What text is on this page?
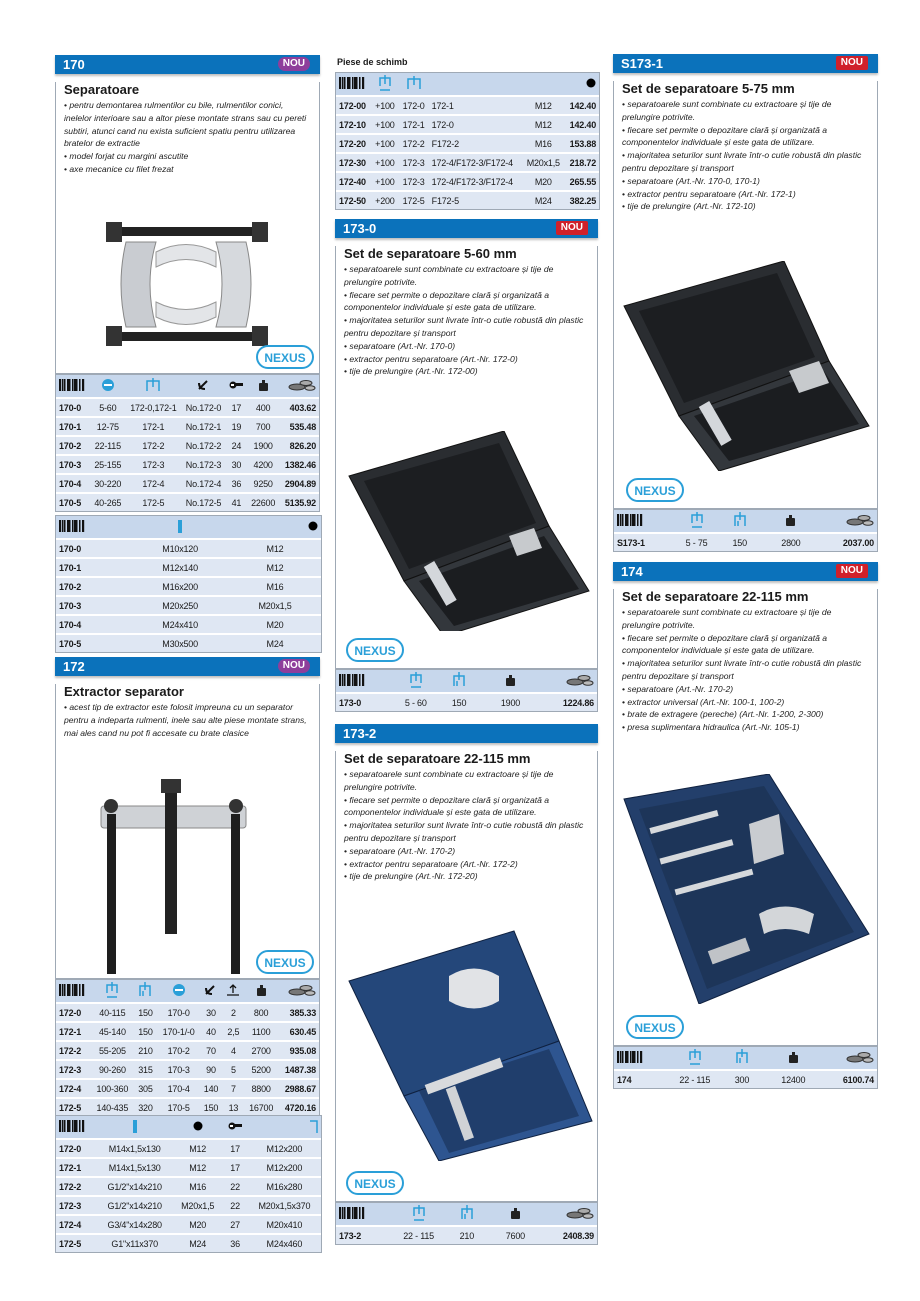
170	NOU
Separatoare
• pentru demontarea rulmentilor cu bile, rulmentilor conici, inelelor interioare sau a altor piese montate strans sau cu pereti subtiri, atunci cand nu exista suficient spatiu pentru utilizarea bratelor de extractie
• model forjat cu margini ascutite
• axe mecanice cu filet frezat
NEXUS

170-0	5-60	172-0,172-1	No.172-0	17	400	403.62
170-1	12-75	172-1	No.172-1	19	700	535.48
170-2	22-115	172-2	No.172-2	24	1900	826.20
170-3	25-155	172-3	No.172-3	30	4200	1382.46
170-4	30-220	172-4	No.172-4	36	9250	2904.89
170-5	40-265	172-5	No.172-5	41	22600	5135.92

170-0	M10x120	M12
170-1	M12x140	M12
170-2	M16x200	M16
170-3	M20x250	M20x1,5
170-4	M24x410	M20
170-5	M30x500	M24
172	NOU
Extractor separator
• acest tip de extractor este folosit impreuna cu un separator pentru a indeparta rulmenti, inele sau alte piese montate strans, mai ales cand nu pot fi accesate cu brate clasice
NEXUS

172-0	40-115	150	170-0	30	2	800	385.33
172-1	45-140	150	170-1/-0	40	2,5	1100	630.45
172-2	55-205	210	170-2	70	4	2700	935.08
172-3	90-260	315	170-3	90	5	5200	1487.38
172-4	100-360	305	170-4	140	7	8800	2988.67
172-5	140-435	320	170-5	150	13	16700	4720.16

172-0	M14x1,5x130	M12	17	M12x200
172-1	M14x1,5x130	M12	17	M12x200
172-2	G1/2"x14x210	M16	22	M16x280
172-3	G1/2"x14x210	M20x1,5	22	M20x1,5x370
172-4	G3/4"x14x280	M20	27	M20x410
172-5	G1"x11x370	M24	36	M24x460
Piese de schimb

172-00	+100	172-0	172-1	M12	142.40
172-10	+100	172-1	172-0	M12	142.40
172-20	+100	172-2	F172-2	M16	153.88
172-30	+100	172-3	172-4/F172-3/F172-4	M20x1,5	218.72
172-40	+100	172-3	172-4/F172-3/F172-4	M20	265.55
172-50	+200	172-5	F172-5	M24	382.25
173-0	NOU
Set de separatoare 5-60 mm
• separatoarele sunt combinate cu extractoare și tije de prelungire potrivite.
• fiecare set permite o depozitare clară și organizată a componentelor individuale și este gata de utilizare.
• majoritatea seturilor sunt livrate într-o cutie robustă din plastic pentru depozitare și transport
• separatoare (Art.-Nr. 170-0)
• extractor pentru separatoare (Art.-Nr. 172-0)
• tije de prelungire (Art.-Nr. 172-00)
NEXUS

173-0	5 - 60	150		1900	1224.86
173-2
Set de separatoare 22-115 mm
• separatoarele sunt combinate cu extractoare și tije de prelungire potrivite.
• fiecare set permite o depozitare clară și organizată a componentelor individuale și este gata de utilizare.
• majoritatea seturilor sunt livrate într-o cutie robustă din plastic pentru depozitare și transport
• separatoare (Art.-Nr. 170-2)
• extractor pentru separatoare (Art.-Nr. 172-2)
• tije de prelungire (Art.-Nr. 172-20)
NEXUS

173-2	22 - 115	210		7600	2408.39
S173-1	NOU
Set de separatoare 5-75 mm
• separatoarele sunt combinate cu extractoare și tije de prelungire potrivite.
• fiecare set permite o depozitare clară și organizată a componentelor individuale și este gata de utilizare.
• majoritatea seturilor sunt livrate într-o cutie robustă din plastic pentru depozitare și transport
• separatoare (Art.-Nr. 170-0, 170-1)
• extractor pentru separatoare (Art.-Nr. 172-1)
• tije de prelungire (Art.-Nr. 172-10)
NEXUS

S173-1	5 - 75	150		2800	2037.00
174	NOU
Set de separatoare 22-115 mm
• separatoarele sunt combinate cu extractoare și tije de prelungire potrivite.
• fiecare set permite o depozitare clară și organizată a componentelor individuale și este gata de utilizare.
• majoritatea seturilor sunt livrate într-o cutie robustă din plastic pentru depozitare și transport
• separatoare (Art.-Nr. 170-2)
• extractor universal (Art.-Nr. 100-1, 100-2)
• brate de extragere (pereche) (Art.-Nr. 1-200, 2-300)
• presa suplimentara hidraulica (Art.-Nr. 105-1)
NEXUS

174	22 - 115	300		12400	6100.74
